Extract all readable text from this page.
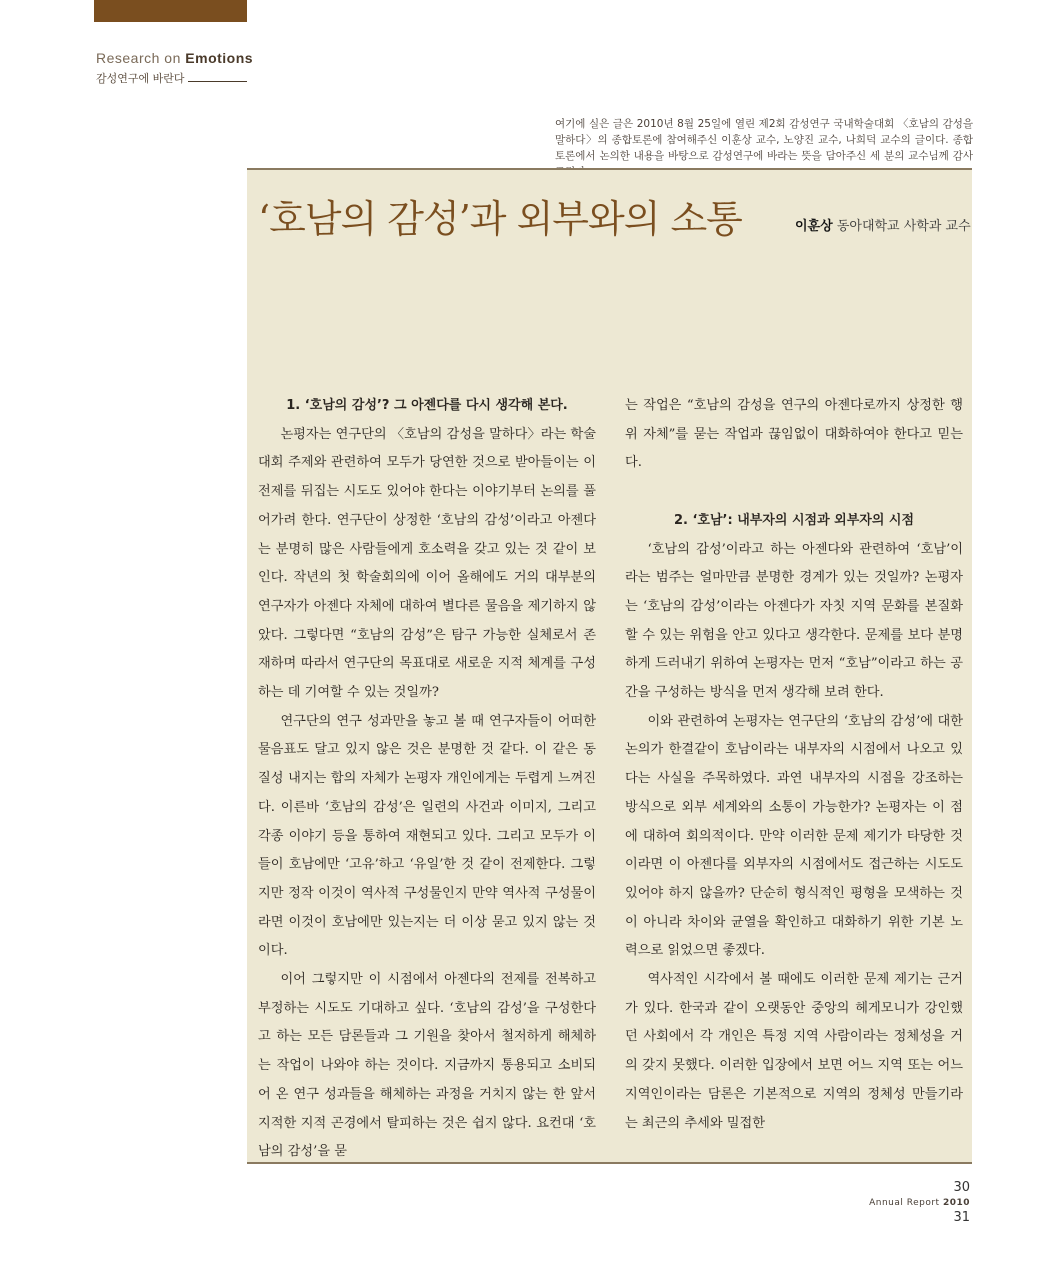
Research on Emotions
감성연구에 바란다
여기에 실은 글은 2010년 8월 25일에 열린 제2회 감성연구 국내학술대회 〈호남의 감성을 말하다〉의 종합토론에 참여해주신 이훈상 교수, 노양진 교수, 나희덕 교수의 글이다. 종합토론에서 논의한 내용을 바탕으로 감성연구에 바라는 뜻을 담아주신 세 분의 교수님께 감사
‘호남의 감성’과 외부와의 소통	이훈상 동아대학교 사학과 교수

1. ‘호남의 감성’? 그 아젠다를 다시 생각해 본다.

논평자는 연구단의 〈호남의 감성을 말하다〉라는 학술대회 주제와 관련하여 모두가 당연한 것으로 받아들이는 이 전제를 뒤집는 시도도 있어야 한다는 이야기부터 논의를 풀어가려 한다. 연구단이 상정한 ‘호남의 감성’이라고 아젠다는 분명히 많은 사람들에게 호소력을 갖고 있는 것 같이 보인다. 작년의 첫 학술회의에 이어 올해에도 거의 대부분의 연구자가 아젠다 자체에 대하여 별다른 물음을 제기하지 않았다. 그렇다면 “호남의 감성”은 탐구 가능한 실체로서 존재하며 따라서 연구단의 목표대로 새로운 지적 체계를 구성하는 데 기여할 수 있는 것일까?

연구단의 연구 성과만을 놓고 볼 때 연구자들이 어떠한 물음표도 달고 있지 않은 것은 분명한 것 같다. 이 같은 동질성 내지는 합의 자체가 논평자 개인에게는 두렵게 느껴진다. 이른바 ‘호남의 감성’은 일련의 사건과 이미지, 그리고 각종 이야기 등을 통하여 재현되고 있다. 그리고 모두가 이들이 호남에만 ‘고유’하고 ‘유일’한 것 같이 전제한다. 그렇지만 정작 이것이 역사적 구성물인지 만약 역사적 구성물이라면 이것이 호남에만 있는지는 더 이상 묻고 있지 않는 것이다.

이어 그렇지만 이 시점에서 아젠다의 전제를 전복하고 부정하는 시도도 기대하고 싶다. ‘호남의 감성’을 구성한다고 하는 모든 담론들과 그 기원을 찾아서 철저하게 해체하는 작업이 나와야 하는 것이다. 지금까지 통용되고 소비되어 온 연구 성과들을 해체하는 과정을 거치지 않는 한 앞서 지적한 지적 곤경에서 탈피하는 것은 쉽지 않다. 요컨대 ‘호남의 감성’을 묻

는 작업은 “호남의 감성을 연구의 아젠다로까지 상정한 행위 자체”를 묻는 작업과 끊임없이 대화하여야 한다고 믿는다.

2. ‘호남’: 내부자의 시점과 외부자의 시점

‘호남의 감성’이라고 하는 아젠다와 관련하여 ‘호남’이라는 범주는 얼마만큼 분명한 경계가 있는 것일까? 논평자는 ‘호남의 감성’이라는 아젠다가 자칫 지역 문화를 본질화할 수 있는 위험을 안고 있다고 생각한다. 문제를 보다 분명하게 드러내기 위하여 논평자는 먼저 “호남”이라고 하는 공간을 구성하는 방식을 먼저 생각해 보려 한다.

이와 관련하여 논평자는 연구단의 ‘호남의 감성’에 대한 논의가 한결같이 호남이라는 내부자의 시점에서 나오고 있다는 사실을 주목하였다. 과연 내부자의 시점을 강조하는 방식으로 외부 세계와의 소통이 가능한가? 논평자는 이 점에 대하여 회의적이다. 만약 이러한 문제 제기가 타당한 것이라면 이 아젠다를 외부자의 시점에서도 접근하는 시도도 있어야 하지 않을까? 단순히 형식적인 평형을 모색하는 것이 아니라 차이와 균열을 확인하고 대화하기 위한 기본 노력으로 읽었으면 좋겠다.

역사적인 시각에서 볼 때에도 이러한 문제 제기는 근거가 있다. 한국과 같이 오랫동안 중앙의 헤게모니가 강인했던 사회에서 각 개인은 특정 지역 사람이라는 정체성을 거의 갖지 못했다. 이러한 입장에서 보면 어느 지역 또는 어느 지역인이라는 담론은 기본적으로 지역의 정체성 만들기라는 최근의 추세와 밀접한

30
Annual Report 2010
31
